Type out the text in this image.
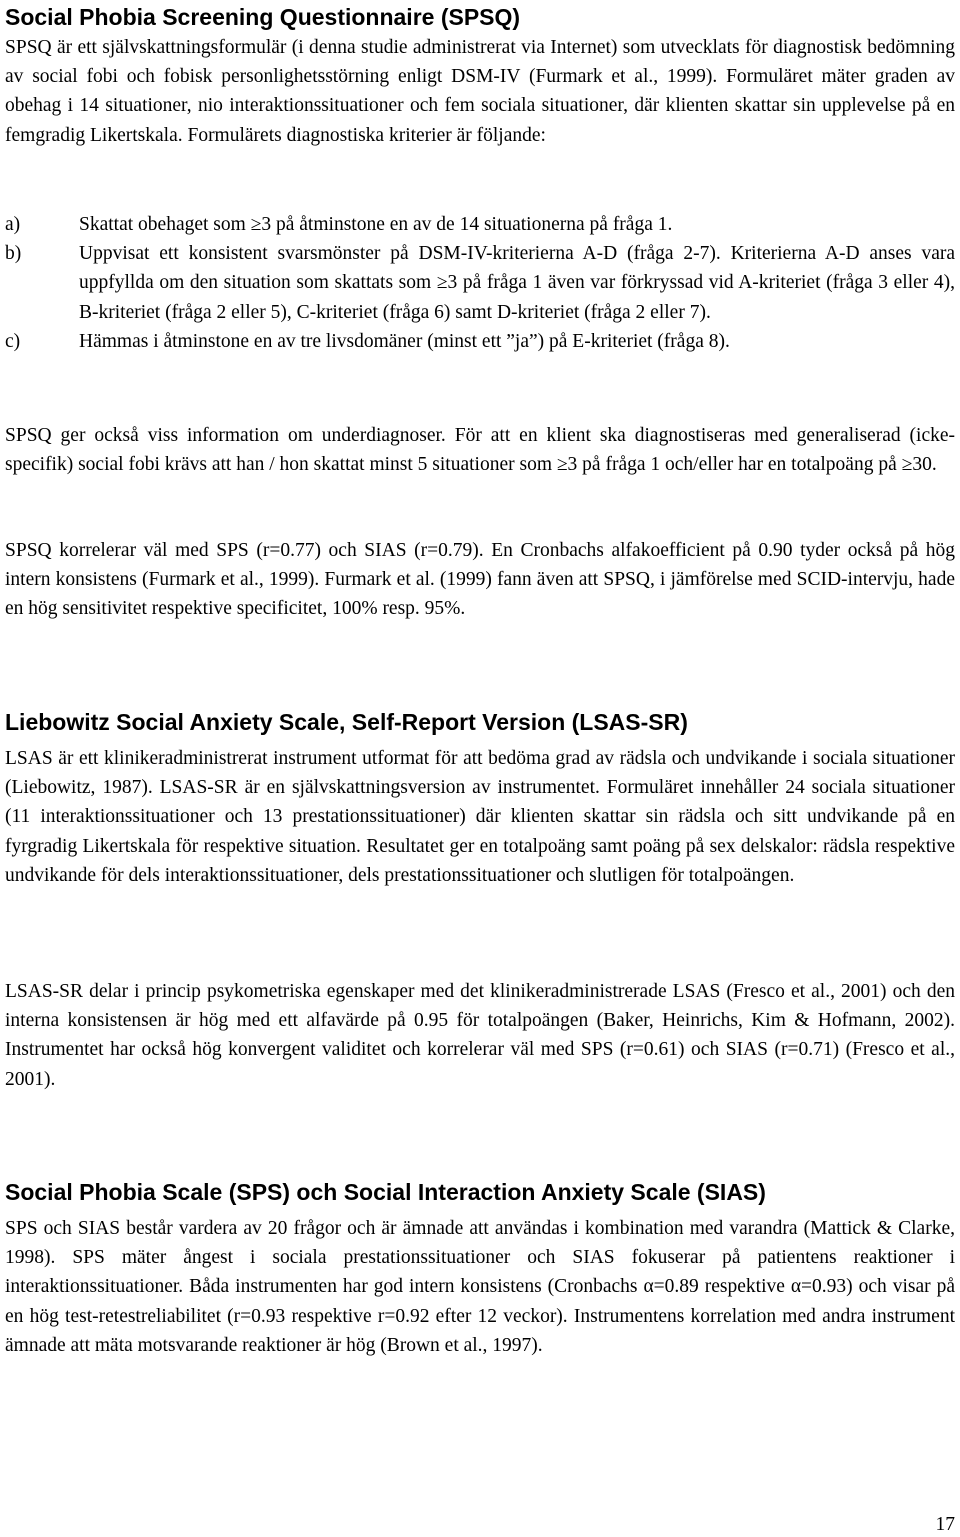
Social Phobia Screening Questionnaire (SPSQ)

SPSQ är ett självskattningsformulär (i denna studie administrerat via Internet) som utvecklats för diagnostisk bedömning av social fobi och fobisk personlighetsstörning enligt DSM-IV (Furmark et al., 1999). Formuläret mäter graden av obehag i 14 situationer, nio interaktionssituationer och fem sociala situationer, där klienten skattar sin upplevelse på en femgradig Likertskala. Formulärets diagnostiska kriterier är följande:

a)	Skattat obehaget som ≥3 på åtminstone en av de 14 situationerna på fråga 1.
b)	Uppvisat ett konsistent svarsmönster på DSM-IV-kriterierna A-D (fråga 2-7). Kriterierna A-D anses vara uppfyllda om den situation som skattats som ≥3 på fråga 1 även var förkryssad vid A-kriteriet (fråga 3 eller 4), B-kriteriet (fråga 2 eller 5), C-kriteriet (fråga 6) samt D-kriteriet (fråga 2 eller 7).
c)	Hämmas i åtminstone en av tre livsdomäner (minst ett ”ja”) på E-kriteriet (fråga 8).

SPSQ ger också viss information om underdiagnoser. För att en klient ska diagnostiseras med generaliserad (icke-specifik) social fobi krävs att han / hon skattat minst 5 situationer som ≥3 på fråga 1 och/eller har en totalpoäng på ≥30.

SPSQ korrelerar väl med SPS (r=0.77) och SIAS (r=0.79). En Cronbachs alfakoefficient på 0.90 tyder också på hög intern konsistens (Furmark et al., 1999). Furmark et al. (1999) fann även att SPSQ, i jämförelse med SCID-intervju, hade en hög sensitivitet respektive specificitet, 100% resp. 95%.

Liebowitz Social Anxiety Scale, Self-Report Version (LSAS-SR)

LSAS är ett klinikeradministrerat instrument utformat för att bedöma grad av rädsla och undvikande i sociala situationer (Liebowitz, 1987). LSAS-SR är en självskattningsversion av instrumentet. Formuläret innehåller 24 sociala situationer (11 interaktionssituationer och 13 prestationssituationer) där klienten skattar sin rädsla och sitt undvikande på en fyrgradig Likertskala för respektive situation. Resultatet ger en totalpoäng samt poäng på sex delskalor: rädsla respektive undvikande för dels interaktionssituationer, dels prestationssituationer och slutligen för totalpoängen.

LSAS-SR delar i princip psykometriska egenskaper med det klinikeradministrerade LSAS (Fresco et al., 2001) och den interna konsistensen är hög med ett alfavärde på 0.95 för totalpoängen (Baker, Heinrichs, Kim & Hofmann, 2002). Instrumentet har också hög konvergent validitet och korrelerar väl med SPS (r=0.61) och SIAS (r=0.71) (Fresco et al., 2001).

Social Phobia Scale (SPS) och Social Interaction Anxiety Scale (SIAS)

SPS och SIAS består vardera av 20 frågor och är ämnade att användas i kombination med varandra (Mattick & Clarke, 1998). SPS mäter ångest i sociala prestationssituationer och SIAS fokuserar på patientens reaktioner i interaktionssituationer. Båda instrumenten har god intern konsistens (Cronbachs α=0.89 respektive α=0.93) och visar på en hög test-retestreliabilitet (r=0.93 respektive r=0.92 efter 12 veckor). Instrumentens korrelation med andra instrument ämnade att mäta motsvarande reaktioner är hög (Brown et al., 1997).

17
